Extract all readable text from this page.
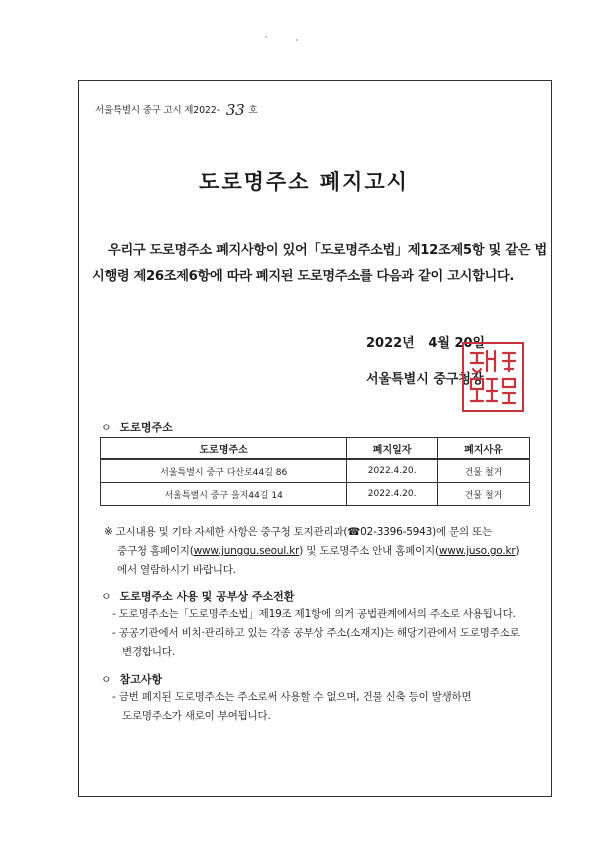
서울특별시 중구 고시 제2022- 33 호
도로명주소 폐지고시

우리구 도로명주소 폐지사항이 있어「도로명주소법」제12조제5항 및 같은 법

시행령 제26조제6항에 따라 폐지된 도로명주소를 다음과 같이 고시합니다.

2022년   4월 20일
서울특별시 중구청장
ㅇ 도로명주소
도로명주소	폐지일자	폐지사유
서울특별시 중구 다산로44길 86	2022.4.20.	건물 철거
서울특별시 중구 을지44길 14	2022.4.20.	건물 철거

※ 고시내용 및 기타 자세한 사항은 중구청 토지관리과(☎02-3396-5943)에 문의 또는

중구청 홈페이지(www.junggu.seoul.kr) 및 도로명주소 안내 홈페이지(www.juso.go.kr)

에서 열람하시기 바랍니다.

ㅇ 도로명주소 사용 및 공부상 주소전환

- 도로명주소는「도로명주소법」제19조 제1항에 의거 공법관계에서의 주소로 사용됩니다.

- 공공기관에서 비치·관리하고 있는 각종 공부상 주소(소재지)는 해당기관에서 도로명주소로

변경합니다.

ㅇ 참고사항

- 금번 폐지된 도로명주소는 주소로써 사용할 수 없으며, 건물 신축 등이 발생하면

도로명주소가 새로이 부여됩니다.
